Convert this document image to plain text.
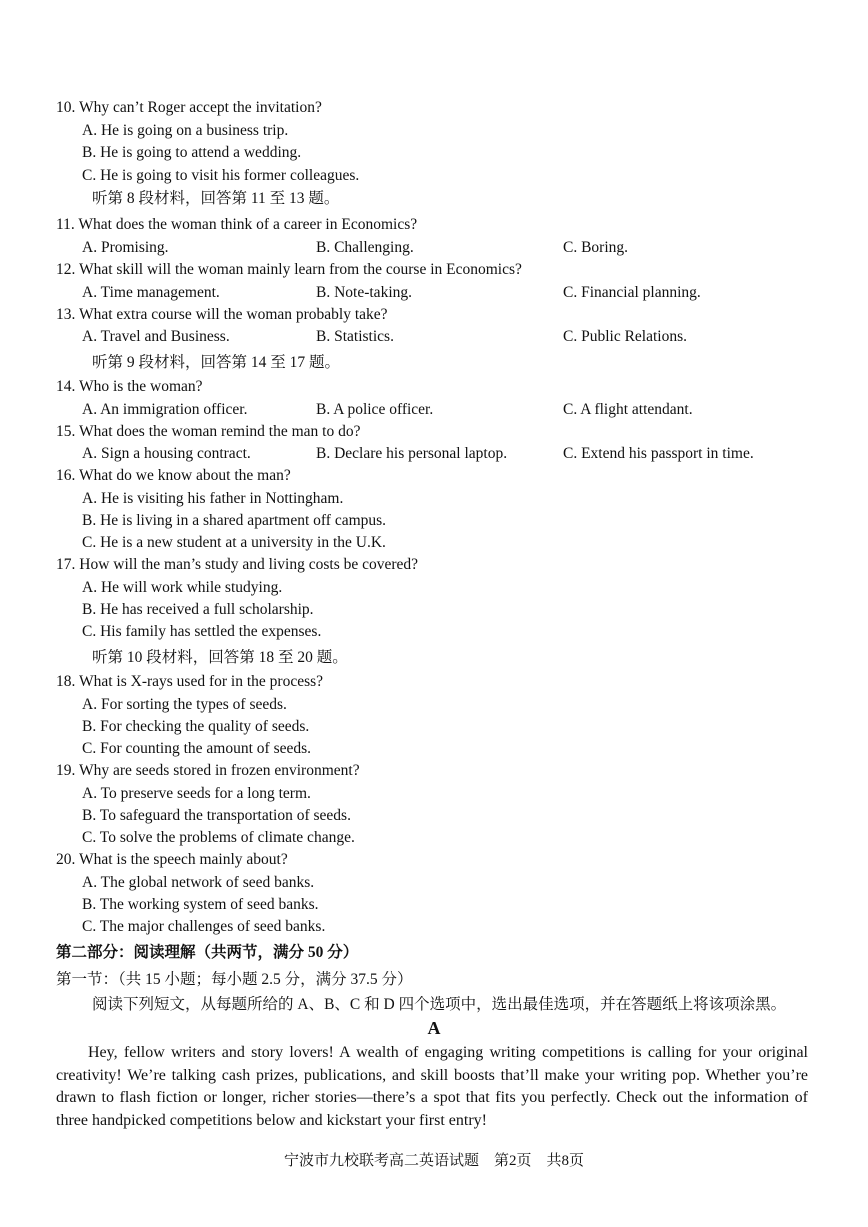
10. Why can’t Roger accept the invitation?
A. He is going on a business trip.
B. He is going to attend a wedding.
C. He is going to visit his former colleagues.
听第 8 段材料，回答第 11 至 13 题。
11. What does the woman think of a career in Economics?
A. Promising.	B. Challenging.	C. Boring.
12. What skill will the woman mainly learn from the course in Economics?
A. Time management.	B. Note-taking.	C. Financial planning.
13. What extra course will the woman probably take?
A. Travel and Business.	B. Statistics.	C. Public Relations.
听第 9 段材料，回答第 14 至 17 题。
14. Who is the woman?
A. An immigration officer.	B. A police officer.	C. A flight attendant.
15. What does the woman remind the man to do?
A. Sign a housing contract.	B. Declare his personal laptop.	C. Extend his passport in time.
16. What do we know about the man?
A. He is visiting his father in Nottingham.
B. He is living in a shared apartment off campus.
C. He is a new student at a university in the U.K.
17. How will the man’s study and living costs be covered?
A. He will work while studying.
B. He has received a full scholarship.
C. His family has settled the expenses.
听第 10 段材料，回答第 18 至 20 题。
18. What is X-rays used for in the process?
A. For sorting the types of seeds.
B. For checking the quality of seeds.
C. For counting the amount of seeds.
19. Why are seeds stored in frozen environment?
A. To preserve seeds for a long term.
B. To safeguard the transportation of seeds.
C. To solve the problems of climate change.
20. What is the speech mainly about?
A. The global network of seed banks.
B. The working system of seed banks.
C. The major challenges of seed banks.
第二部分：阅读理解（共两节，满分 50 分）
第一节：（共 15 小题；每小题 2.5 分，满分 37.5 分）
阅读下列短文，从每题所给的 A、B、C 和 D 四个选项中，选出最佳选项，并在答题纸上将该项涂黑。
A
Hey, fellow writers and story lovers! A wealth of engaging writing competitions is calling for your original creativity! We’re talking cash prizes, publications, and skill boosts that’ll make your writing pop. Whether you’re drawn to flash fiction or longer, richer stories—there’s a spot that fits you perfectly. Check out the information of three handpicked competitions below and kickstart your first entry!
宁波市九校联考高二英语试题　第2页　共8页
